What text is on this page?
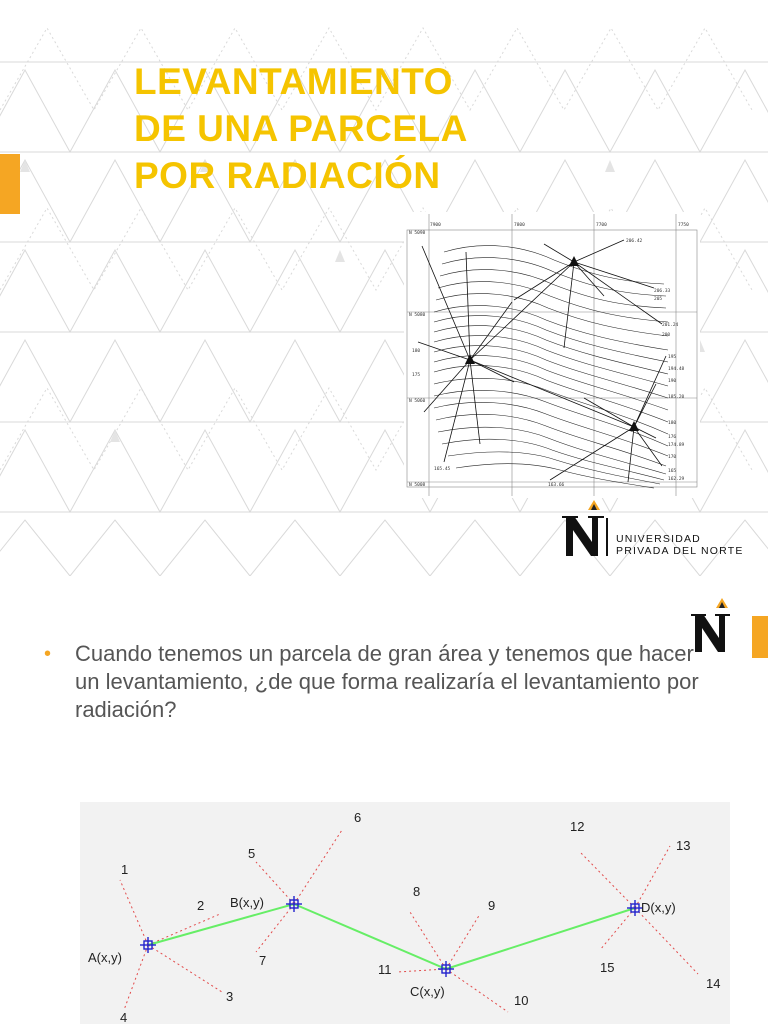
LEVANTAMIENTO
DE UNA PARCELA
POR RADIACIÓN
N 5098
N 5080
N 5060
N 5008
7900	7800	7700	7750
206.42
206.33
205
201.24
200
195
194.48
190
185.20
180
176
174.89
170
165
162.29
180
175
165.45
163.66
UNIVERSIDAD
PRIVADA DEL NORTE
• Cuando tenemos un parcela de gran área y tenemos que hacer un levantamiento, ¿de que forma realizaría el levantamiento por radiación?
A(x,y)
B(x,y)
C(x,y)
D(x,y)
1
2
3
4
5
6
7
8
9
10
11
12
13
14
15
